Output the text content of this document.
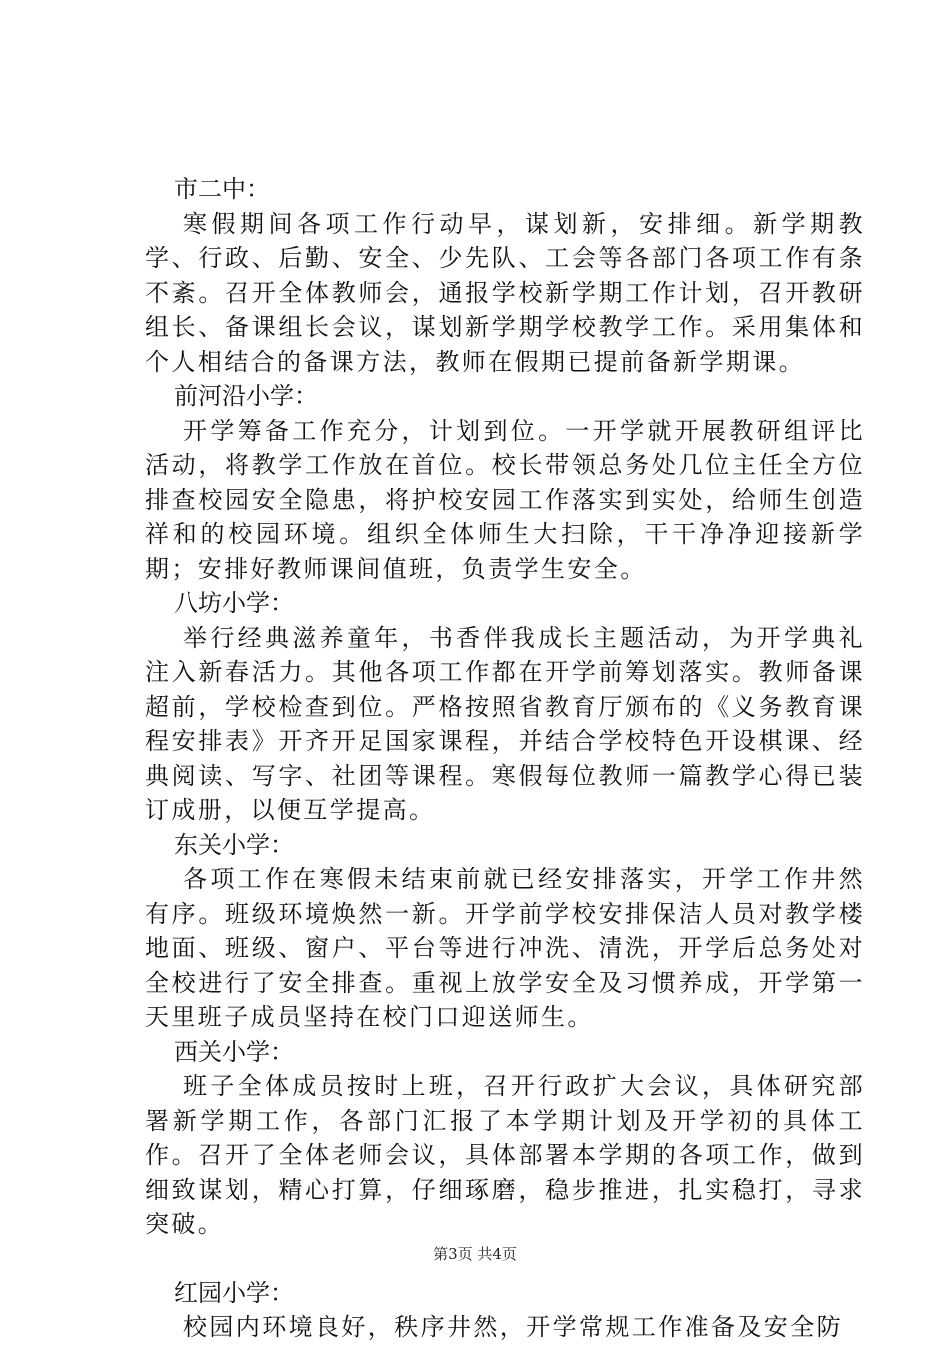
市二中：
寒假期间各项工作行动早，谋划新，安排细。新学期教学、行政、后勤、安全、少先队、工会等各部门各项工作有条不紊。召开全体教师会，通报学校新学期工作计划，召开教研组长、备课组长会议，谋划新学期学校教学工作。采用集体和个人相结合的备课方法，教师在假期已提前备新学期课。
前河沿小学：
开学筹备工作充分，计划到位。一开学就开展教研组评比活动，将教学工作放在首位。校长带领总务处几位主任全方位排查校园安全隐患，将护校安园工作落实到实处，给师生创造祥和的校园环境。组织全体师生大扫除，干干净净迎接新学期；安排好教师课间值班，负责学生安全。
八坊小学：
举行经典滋养童年，书香伴我成长主题活动，为开学典礼注入新春活力。其他各项工作都在开学前筹划落实。教师备课超前，学校检查到位。严格按照省教育厅颁布的《义务教育课程安排表》开齐开足国家课程，并结合学校特色开设棋课、经典阅读、写字、社团等课程。寒假每位教师一篇教学心得已装订成册，以便互学提高。
东关小学：
各项工作在寒假未结束前就已经安排落实，开学工作井然有序。班级环境焕然一新。开学前学校安排保洁人员对教学楼地面、班级、窗户、平台等进行冲洗、清洗，开学后总务处对全校进行了安全排查。重视上放学安全及习惯养成，开学第一天里班子成员坚持在校门口迎送师生。
西关小学：
班子全体成员按时上班，召开行政扩大会议，具体研究部署新学期工作，各部门汇报了本学期计划及开学初的具体工作。召开了全体老师会议，具体部署本学期的各项工作，做到细致谋划，精心打算，仔细琢磨，稳步推进，扎实稳打，寻求突破。
红园小学：
校园内环境良好，秩序井然，开学常规工作准备及安全防
第3页 共4页
